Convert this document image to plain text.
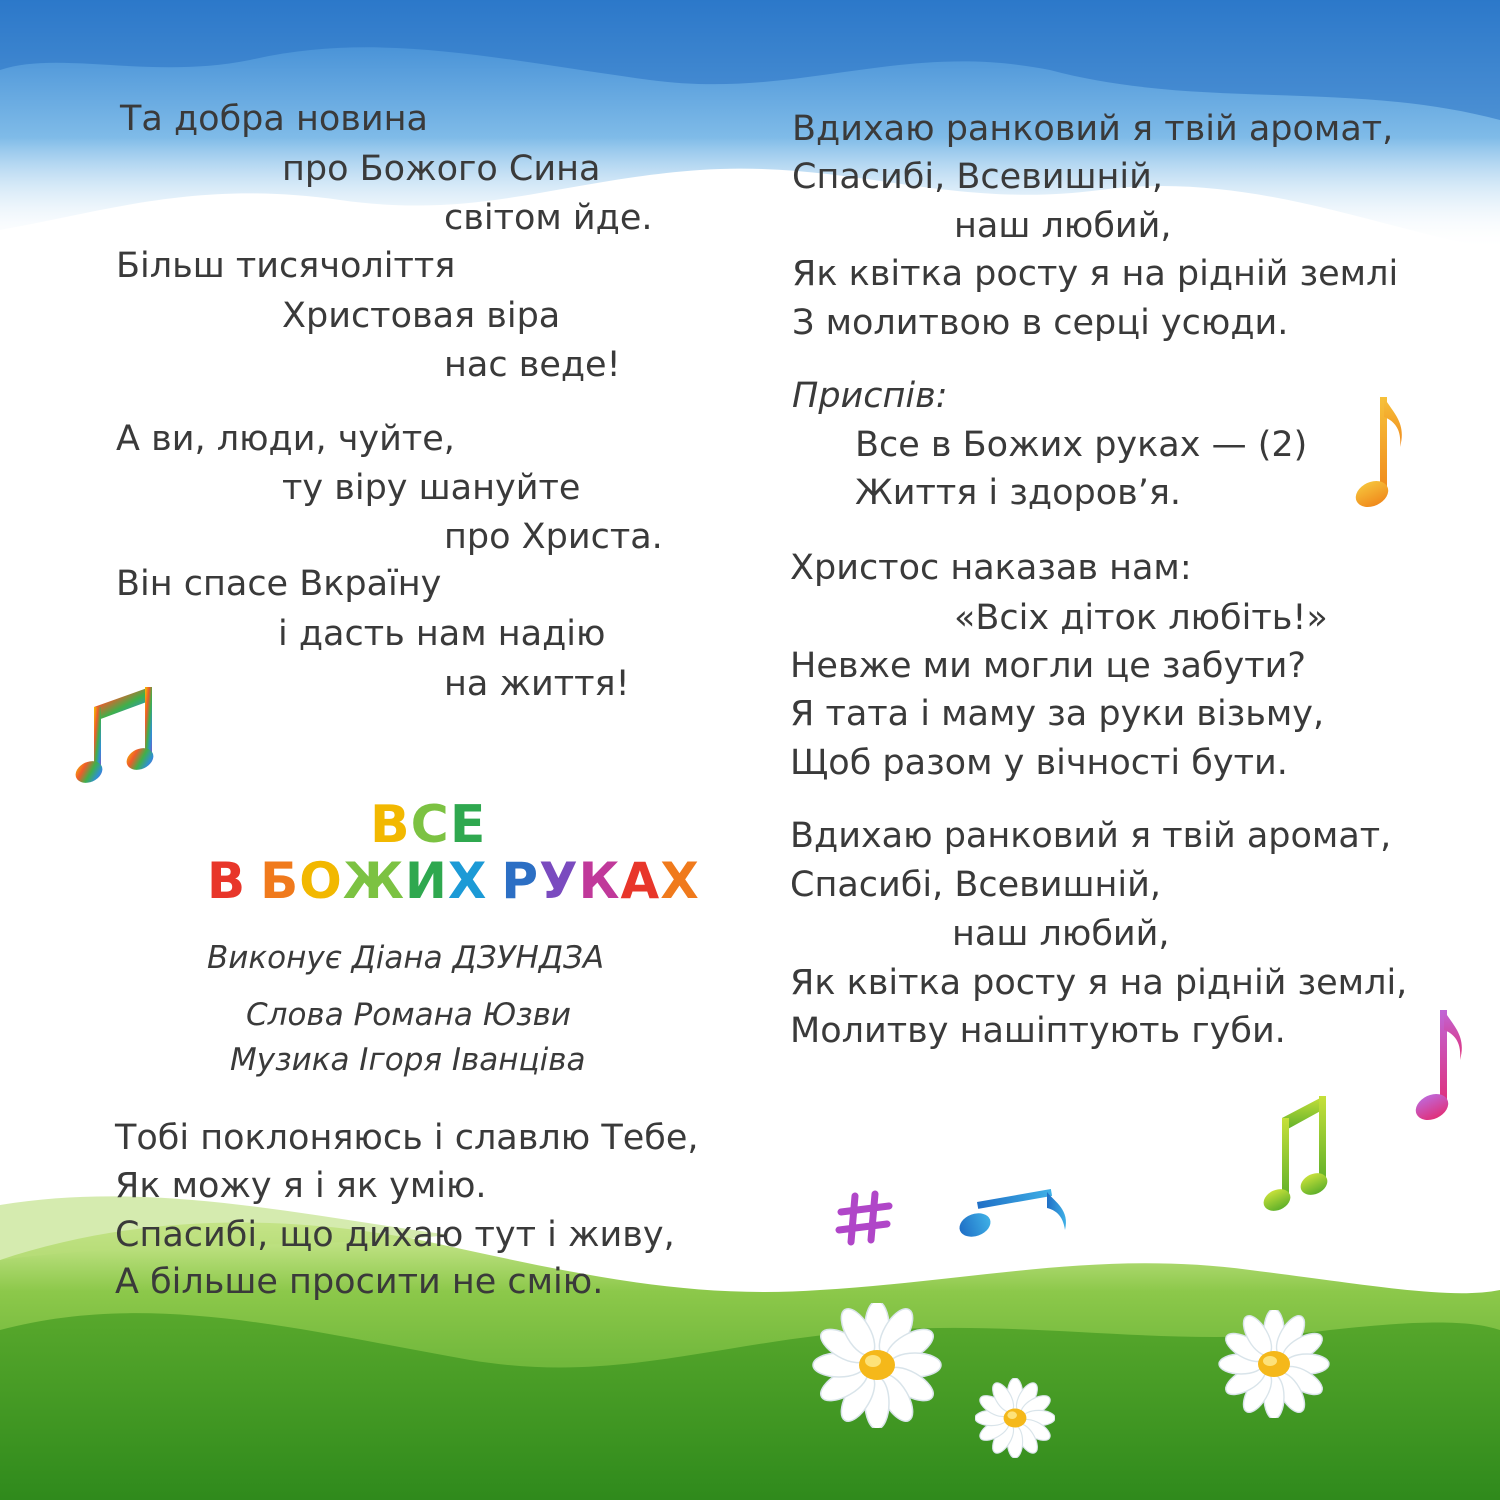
Та добра новина
про Божого Сина
світом йде.
Більш тисячоліття
Христовая віра
нас веде!
А ви, люди, чуйте,
ту віру шануйте
про Христа.
Він спасе Вкраїну
і дасть нам надію
на життя!
ВСЕ
В БОЖИХ РУКАХ
Виконує Діана ДЗУНДЗА
Слова Романа Юзви
Музика Ігоря Іванціва
Тобі поклоняюсь і славлю Тебе,
Як можу я і як умію.
Спасибі, що дихаю тут і живу,
А більше просити не смію.
Вдихаю ранковий я твій аромат,
Спасибі, Всевишній,
наш любий,
Як квітка росту я на рідній землі
З молитвою в серці усюди.
Приспів:
Все в Божих руках — (2)
Життя і здоров’я.
Христос наказав нам:
«Всіх діток любіть!»
Невже ми могли це забути?
Я тата і маму за руки візьму,
Щоб разом у вічності бути.
Вдихаю ранковий я твій аромат,
Спасибі, Всевишній,
наш любий,
Як квітка росту я на рідній землі,
Молитву нашіптують губи.
